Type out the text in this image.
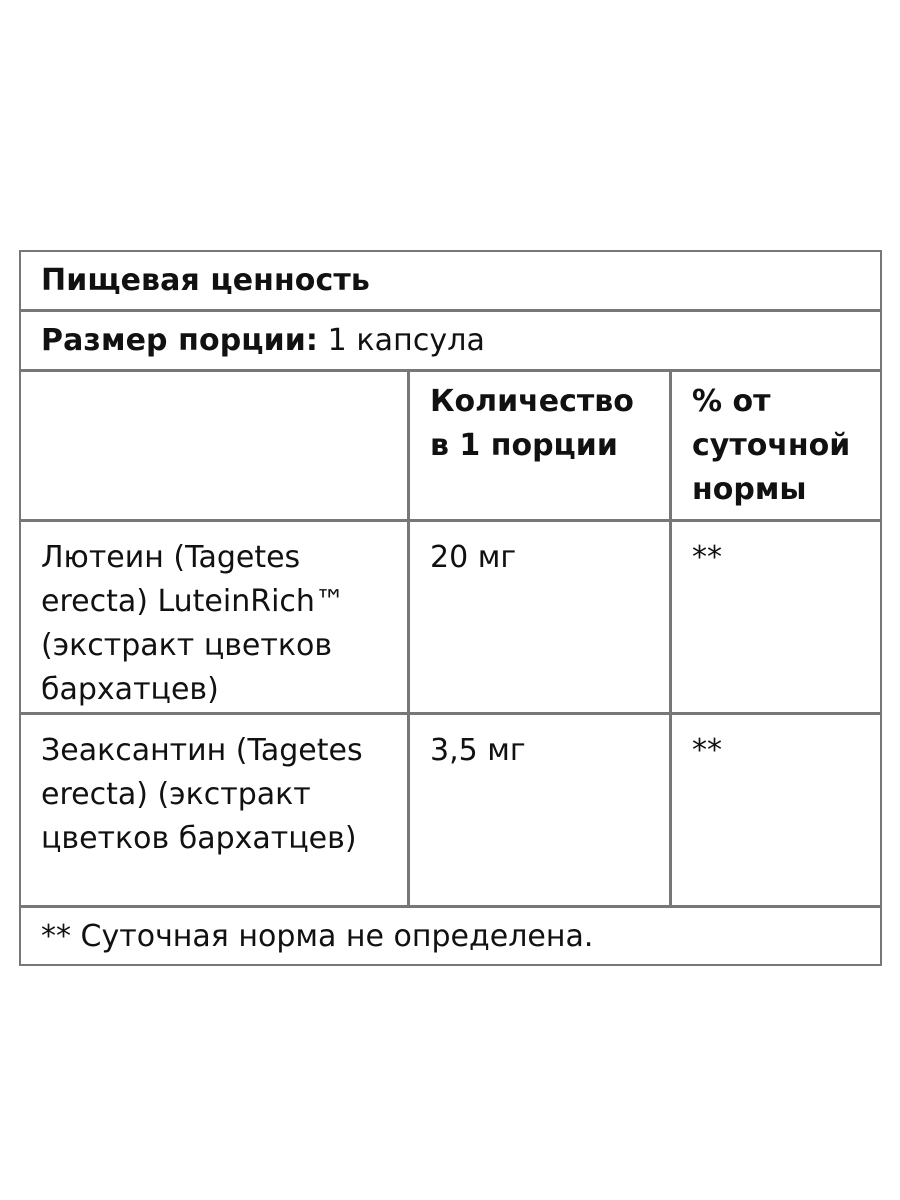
Пищевая ценность
Размер порции:
1 капсула
Количество в 1 порции
% от суточной нормы
Лютеин (Tagetes erecta) LuteinRich™ (экстракт цветков бархатцев)
20 мг	**
Зеаксантин (Tagetes erecta) (экстракт цветков бархатцев)
3,5 мг	**
** Суточная норма не определена.
